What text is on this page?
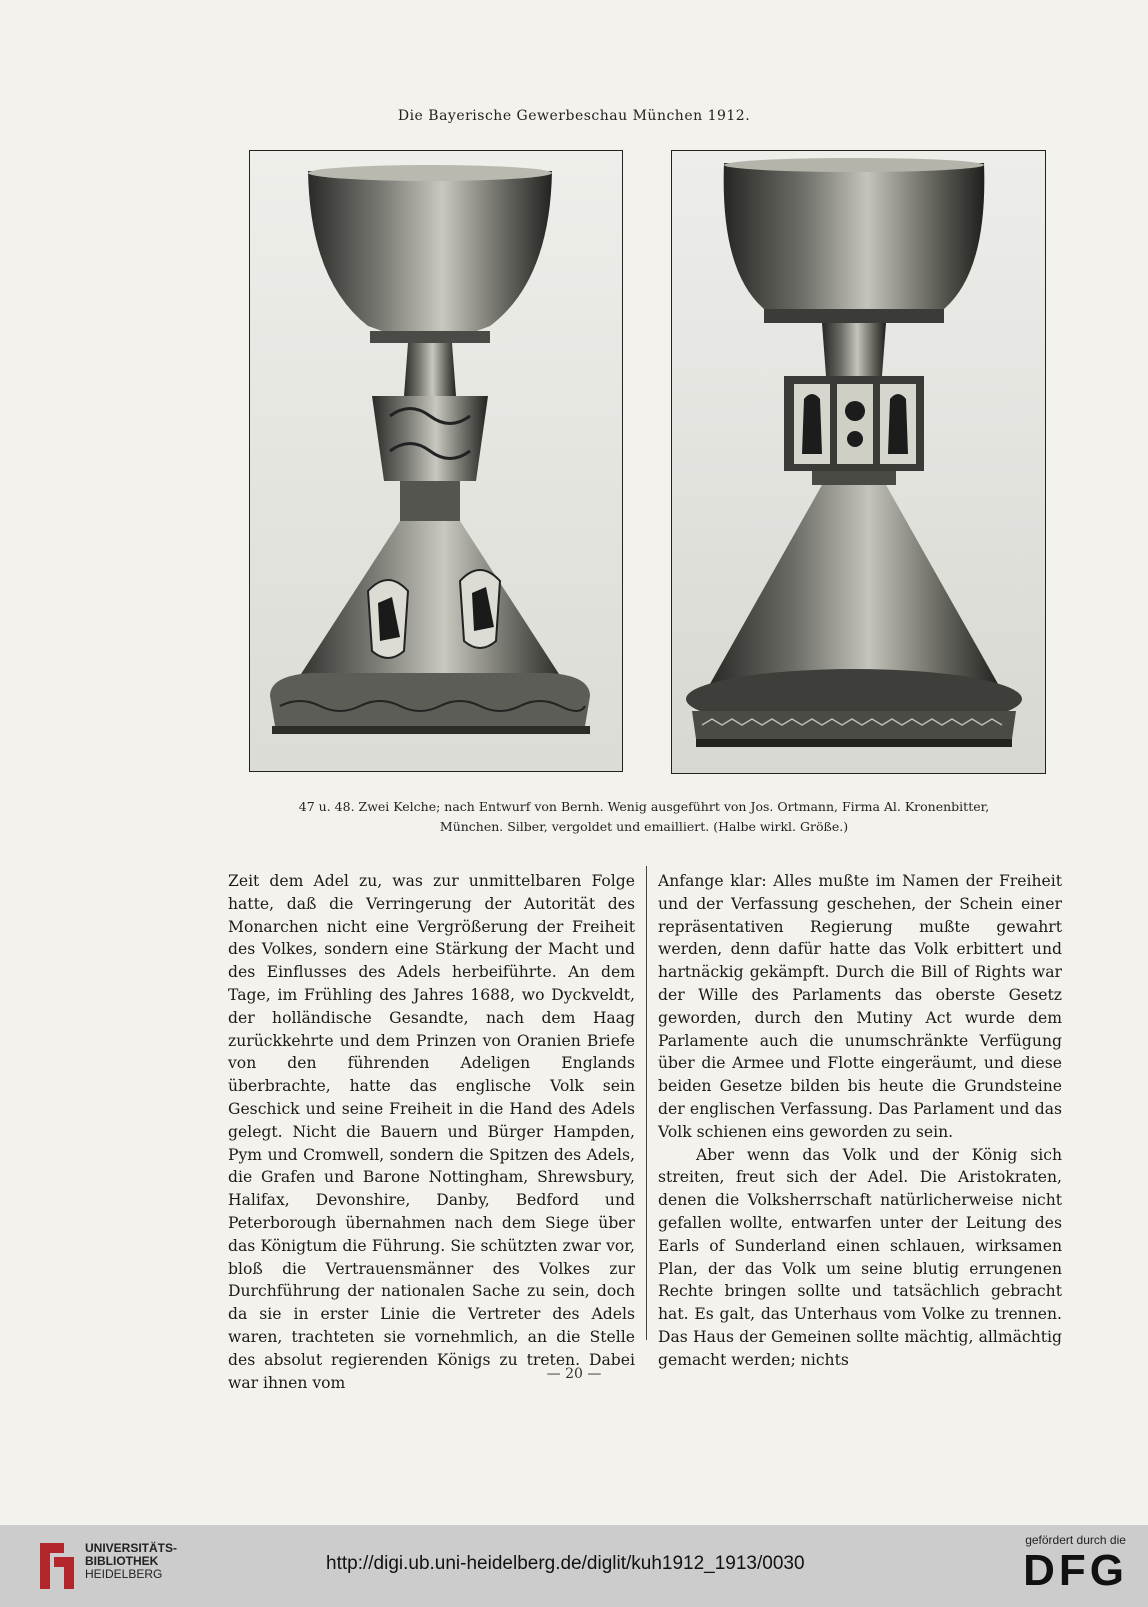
Die Bayerische Gewerbeschau München 1912.
47 u. 48. Zwei Kelche; nach Entwurf von Bernh. Wenig ausgeführt von Jos. Ortmann, Firma Al. Kronenbitter,
München. Silber, vergoldet und emailliert. (Halbe wirkl. Größe.)

Zeit dem Adel zu, was zur unmittelbaren Folge hatte, daß die Verringerung der Autorität des Monarchen nicht eine Vergrößerung der Freiheit des Volkes, sondern eine Stärkung der Macht und des Einflusses des Adels herbeiführte. An dem Tage, im Frühling des Jahres 1688, wo Dyckveldt, der holländische Gesandte, nach dem Haag zurückkehrte und dem Prinzen von Oranien Briefe von den führenden Adeligen Englands überbrachte, hatte das englische Volk sein Geschick und seine Freiheit in die Hand des Adels gelegt. Nicht die Bauern und Bürger Hampden, Pym und Cromwell, sondern die Spitzen des Adels, die Grafen und Barone Nottingham, Shrewsbury, Halifax, Devonshire, Danby, Bedford und Peterborough übernahmen nach dem Siege über das Königtum die Führung. Sie schützten zwar vor, bloß die Vertrauensmänner des Volkes zur Durchführung der nationalen Sache zu sein, doch da sie in erster Linie die Vertreter des Adels waren, trachteten sie vornehmlich, an die Stelle des absolut regierenden Königs zu treten. Dabei war ihnen vom

Anfange klar: Alles mußte im Namen der Freiheit und der Verfassung geschehen, der Schein einer repräsentativen Regierung mußte gewahrt werden, denn dafür hatte das Volk erbittert und hartnäckig gekämpft. Durch die Bill of Rights war der Wille des Parlaments das oberste Gesetz geworden, durch den Mutiny Act wurde dem Parlamente auch die unumschränkte Verfügung über die Armee und Flotte eingeräumt, und diese beiden Gesetze bilden bis heute die Grundsteine der englischen Verfassung. Das Parlament und das Volk schienen eins geworden zu sein.

Aber wenn das Volk und der König sich streiten, freut sich der Adel. Die Aristokraten, denen die Volksherrschaft natürlicherweise nicht gefallen wollte, entwarfen unter der Leitung des Earls of Sunderland einen schlauen, wirksamen Plan, der das Volk um seine blutig errungenen Rechte bringen sollte und tatsächlich gebracht hat. Es galt, das Unterhaus vom Volke zu trennen. Das Haus der Gemeinen sollte mächtig, allmächtig gemacht werden; nichts

— 20 —
UNIVERSITÄTS-
BIBLIOTHEK
HEIDELBERG	http://digi.ub.uni-heidelberg.de/diglit/kuh1912_1913/0030
gefördert durch die
DFG
